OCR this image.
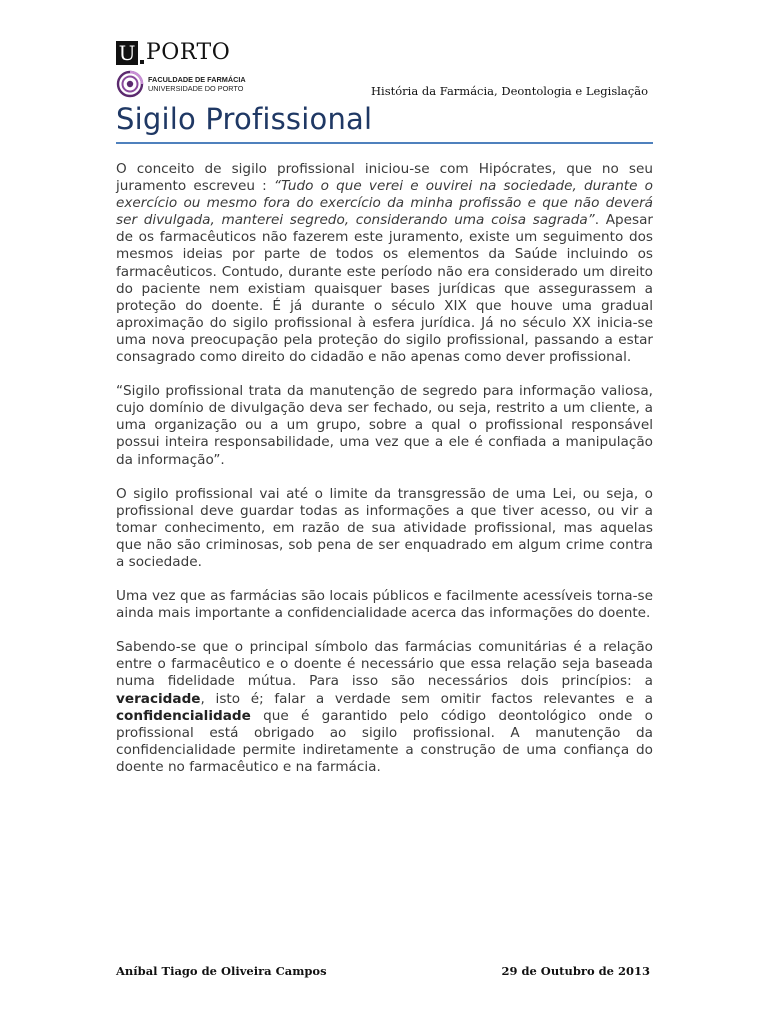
U PORTO
FACULDADE DE FARMÁCIA
UNIVERSIDADE DO PORTO	História da Farmácia, Deontologia e Legislação
Sigilo Profissional

O conceito de sigilo profissional iniciou-se com Hipócrates, que no seu juramento escreveu : “Tudo o que verei e ouvirei na sociedade, durante o exercício ou mesmo fora do exercício da minha profissão e que não deverá ser divulgada, manterei segredo, considerando uma coisa sagrada”. Apesar de os farmacêuticos não fazerem este juramento, existe um seguimento dos mesmos ideias por parte de todos os elementos da Saúde incluindo os farmacêuticos. Contudo, durante este período não era considerado um direito do paciente nem existiam quaisquer bases jurídicas que assegurassem a proteção do doente. É já durante o século XIX que houve uma gradual aproximação do sigilo profissional à esfera jurídica. Já no século XX inicia-se uma nova preocupação pela proteção do sigilo profissional, passando a estar consagrado como direito do cidadão e não apenas como dever profissional.

“Sigilo profissional trata da manutenção de segredo para informação valiosa, cujo domínio de divulgação deva ser fechado, ou seja, restrito a um cliente, a uma organização ou a um grupo, sobre a qual o profissional responsável possui inteira responsabilidade, uma vez que a ele é confiada a manipulação da informação”.

O sigilo profissional vai até o limite da transgressão de uma Lei, ou seja, o profissional deve guardar todas as informações a que tiver acesso, ou vir a tomar conhecimento, em razão de sua atividade profissional, mas aquelas que não são criminosas, sob pena de ser enquadrado em algum crime contra a sociedade.

Uma vez que as farmácias são locais públicos e facilmente acessíveis torna-se ainda mais importante a confidencialidade acerca das informações do doente.

Sabendo-se que o principal símbolo das farmácias comunitárias é a relação entre o farmacêutico e o doente é necessário que essa relação seja baseada numa fidelidade mútua. Para isso são necessários dois princípios: a veracidade, isto é; falar a verdade sem omitir factos relevantes e a confidencialidade que é garantido pelo código deontológico onde o profissional está obrigado ao sigilo profissional. A manutenção da confidencialidade permite indiretamente a construção de uma confiança do doente no farmacêutico e na farmácia.

Aníbal Tiago de Oliveira Campos	29 de Outubro de 2013
